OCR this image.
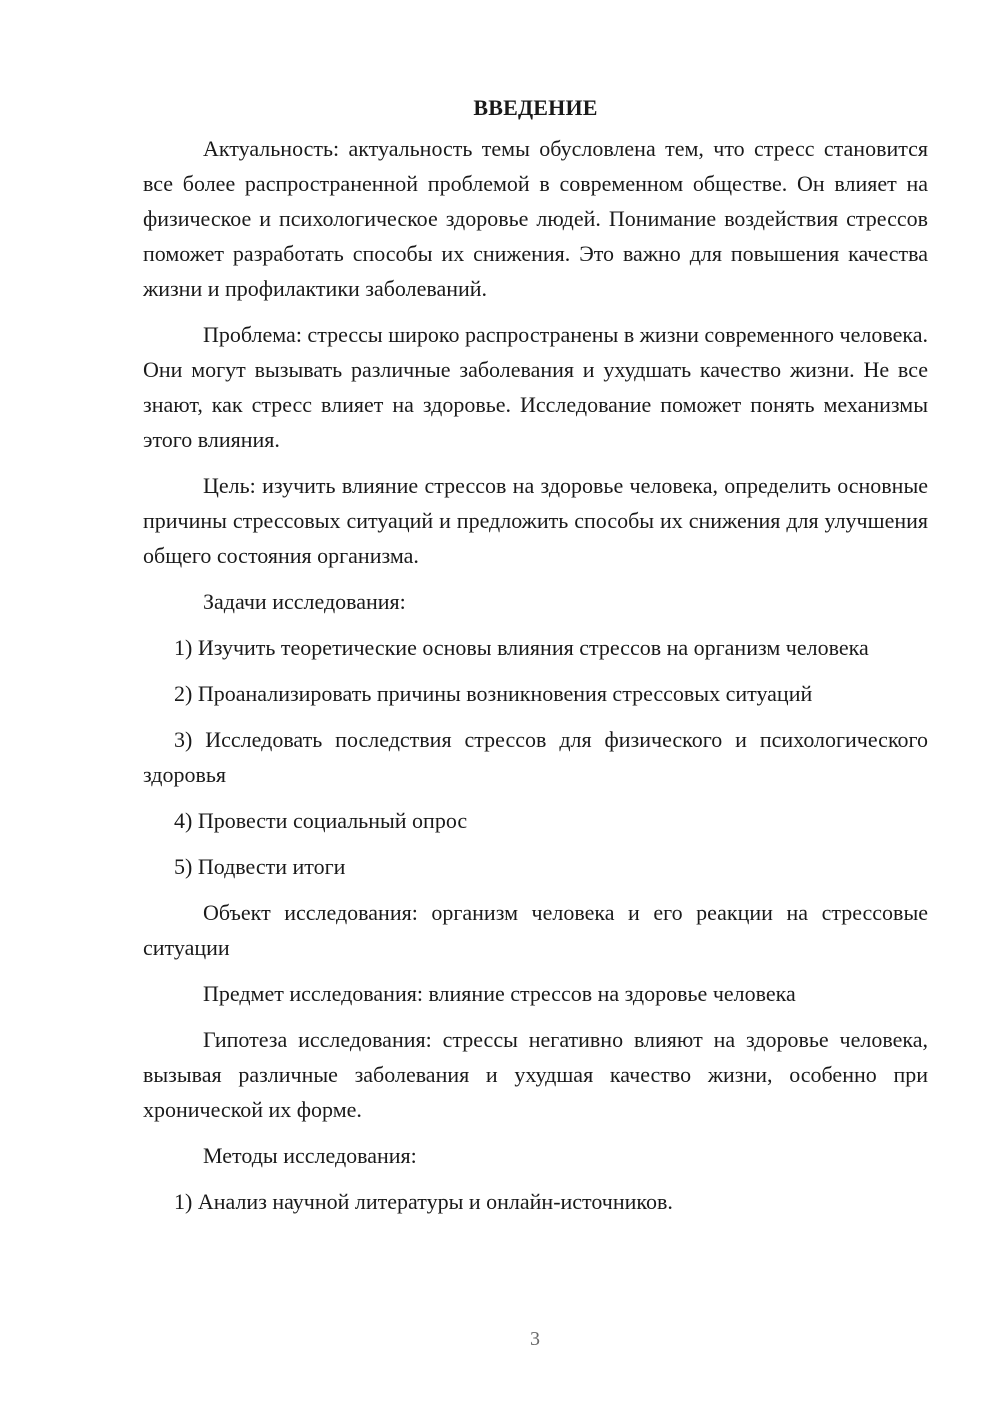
ВВЕДЕНИЕ

Актуальность: актуальность темы обусловлена тем, что стресс становится все более распространенной проблемой в современном обществе. Он влияет на физическое и психологическое здоровье людей. Понимание воздействия стрессов поможет разработать способы их снижения. Это важно для повышения качества жизни и профилактики заболеваний.

Проблема: стрессы широко распространены в жизни современного человека. Они могут вызывать различные заболевания и ухудшать качество жизни. Не все знают, как стресс влияет на здоровье. Исследование поможет понять механизмы этого влияния.

Цель: изучить влияние стрессов на здоровье человека, определить основные причины стрессовых ситуаций и предложить способы их снижения для улучшения общего состояния организма.

Задачи исследования:

1) Изучить теоретические основы влияния стрессов на организм человека

2) Проанализировать причины возникновения стрессовых ситуаций

3) Исследовать последствия стрессов для физического и психологического здоровья

4) Провести социальный опрос

5) Подвести итоги

Объект исследования: организм человека и его реакции на стрессовые ситуации

Предмет исследования: влияние стрессов на здоровье человека

Гипотеза исследования: стрессы негативно влияют на здоровье человека, вызывая различные заболевания и ухудшая качество жизни, особенно при хронической их форме.

Методы исследования:

1) Анализ научной литературы и онлайн-источников.

3
